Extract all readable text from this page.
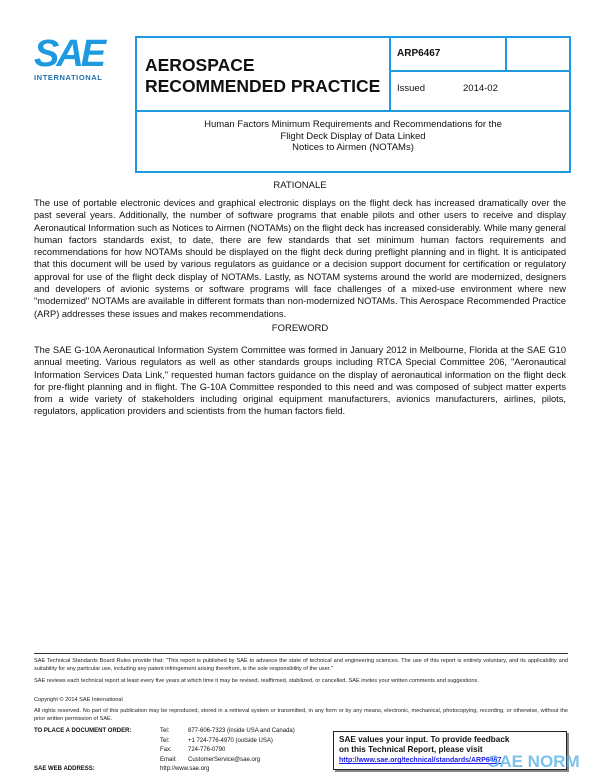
SAE
INTERNATIONAL
AEROSPACE
RECOMMENDED PRACTICE
ARP6467
Issued	2014-02
Human Factors Minimum Requirements and Recommendations for the
Flight Deck Display of Data Linked
Notices to Airmen (NOTAMs)
RATIONALE
The use of portable electronic devices and graphical electronic displays on the flight deck has increased dramatically over the past several years. Additionally, the number of software programs that enable pilots and other users to receive and display Aeronautical Information such as Notices to Airmen (NOTAMs) on the flight deck has increased considerably. While many general human factors standards exist, to date, there are few standards that set minimum human factors requirements and recommendations for how NOTAMs should be displayed on the flight deck during preflight planning and in flight. It is anticipated that this document will be used by various regulators as guidance or a decision support document for certification or regulatory approval for use of the flight deck display of NOTAMs. Lastly, as NOTAM systems around the world are modernized, designers and developers of avionic systems or software programs will face challenges of a mixed-use environment where new "modernized" NOTAMs are available in different formats than non-modernized NOTAMs. This Aerospace Recommended Practice (ARP) addresses these issues and makes recommendations.
FOREWORD
The SAE G-10A Aeronautical Information System Committee was formed in January 2012 in Melbourne, Florida at the SAE G10 annual meeting. Various regulators as well as other standards groups including RTCA Special Committee 206, "Aeronautical Information Services Data Link," requested human factors guidance on the display of aeronautical information on the flight deck for pre-flight planning and in flight. The G-10A Committee responded to this need and was composed of subject matter experts from a wide variety of stakeholders including original equipment manufacturers, avionics manufacturers, airlines, pilots, regulators, application providers and scientists from the human factors field.
SAE Technical Standards Board Rules provide that: "This report is published by SAE to advance the state of technical and engineering sciences. The use of this report is entirely voluntary, and its applicability and suitability for any particular use, including any patent infringement arising therefrom, is the sole responsibility of the user."
SAE reviews each technical report at least every five years at which time it may be revised, reaffirmed, stabilized, or cancelled. SAE invites your written comments and suggestions.
Copyright © 2014 SAE International
All rights reserved. No part of this publication may be reproduced, stored in a retrieval system or transmitted, in any form or by any means, electronic, mechanical, photocopying, recording, or otherwise, without the prior written permission of SAE.
TO PLACE A DOCUMENT ORDER:
SAE WEB ADDRESS:
Tel:
Tel:
Fax:
Email:
877-606-7323 (inside USA and Canada)
+1 724-776-4970 (outside USA)
724-776-0790
CustomerService@sae.org
http://www.sae.org
SAE values your input. To provide feedback
on this Technical Report, please visit
http://www.sae.org/technical/standards/ARP6467
SAE NORM
